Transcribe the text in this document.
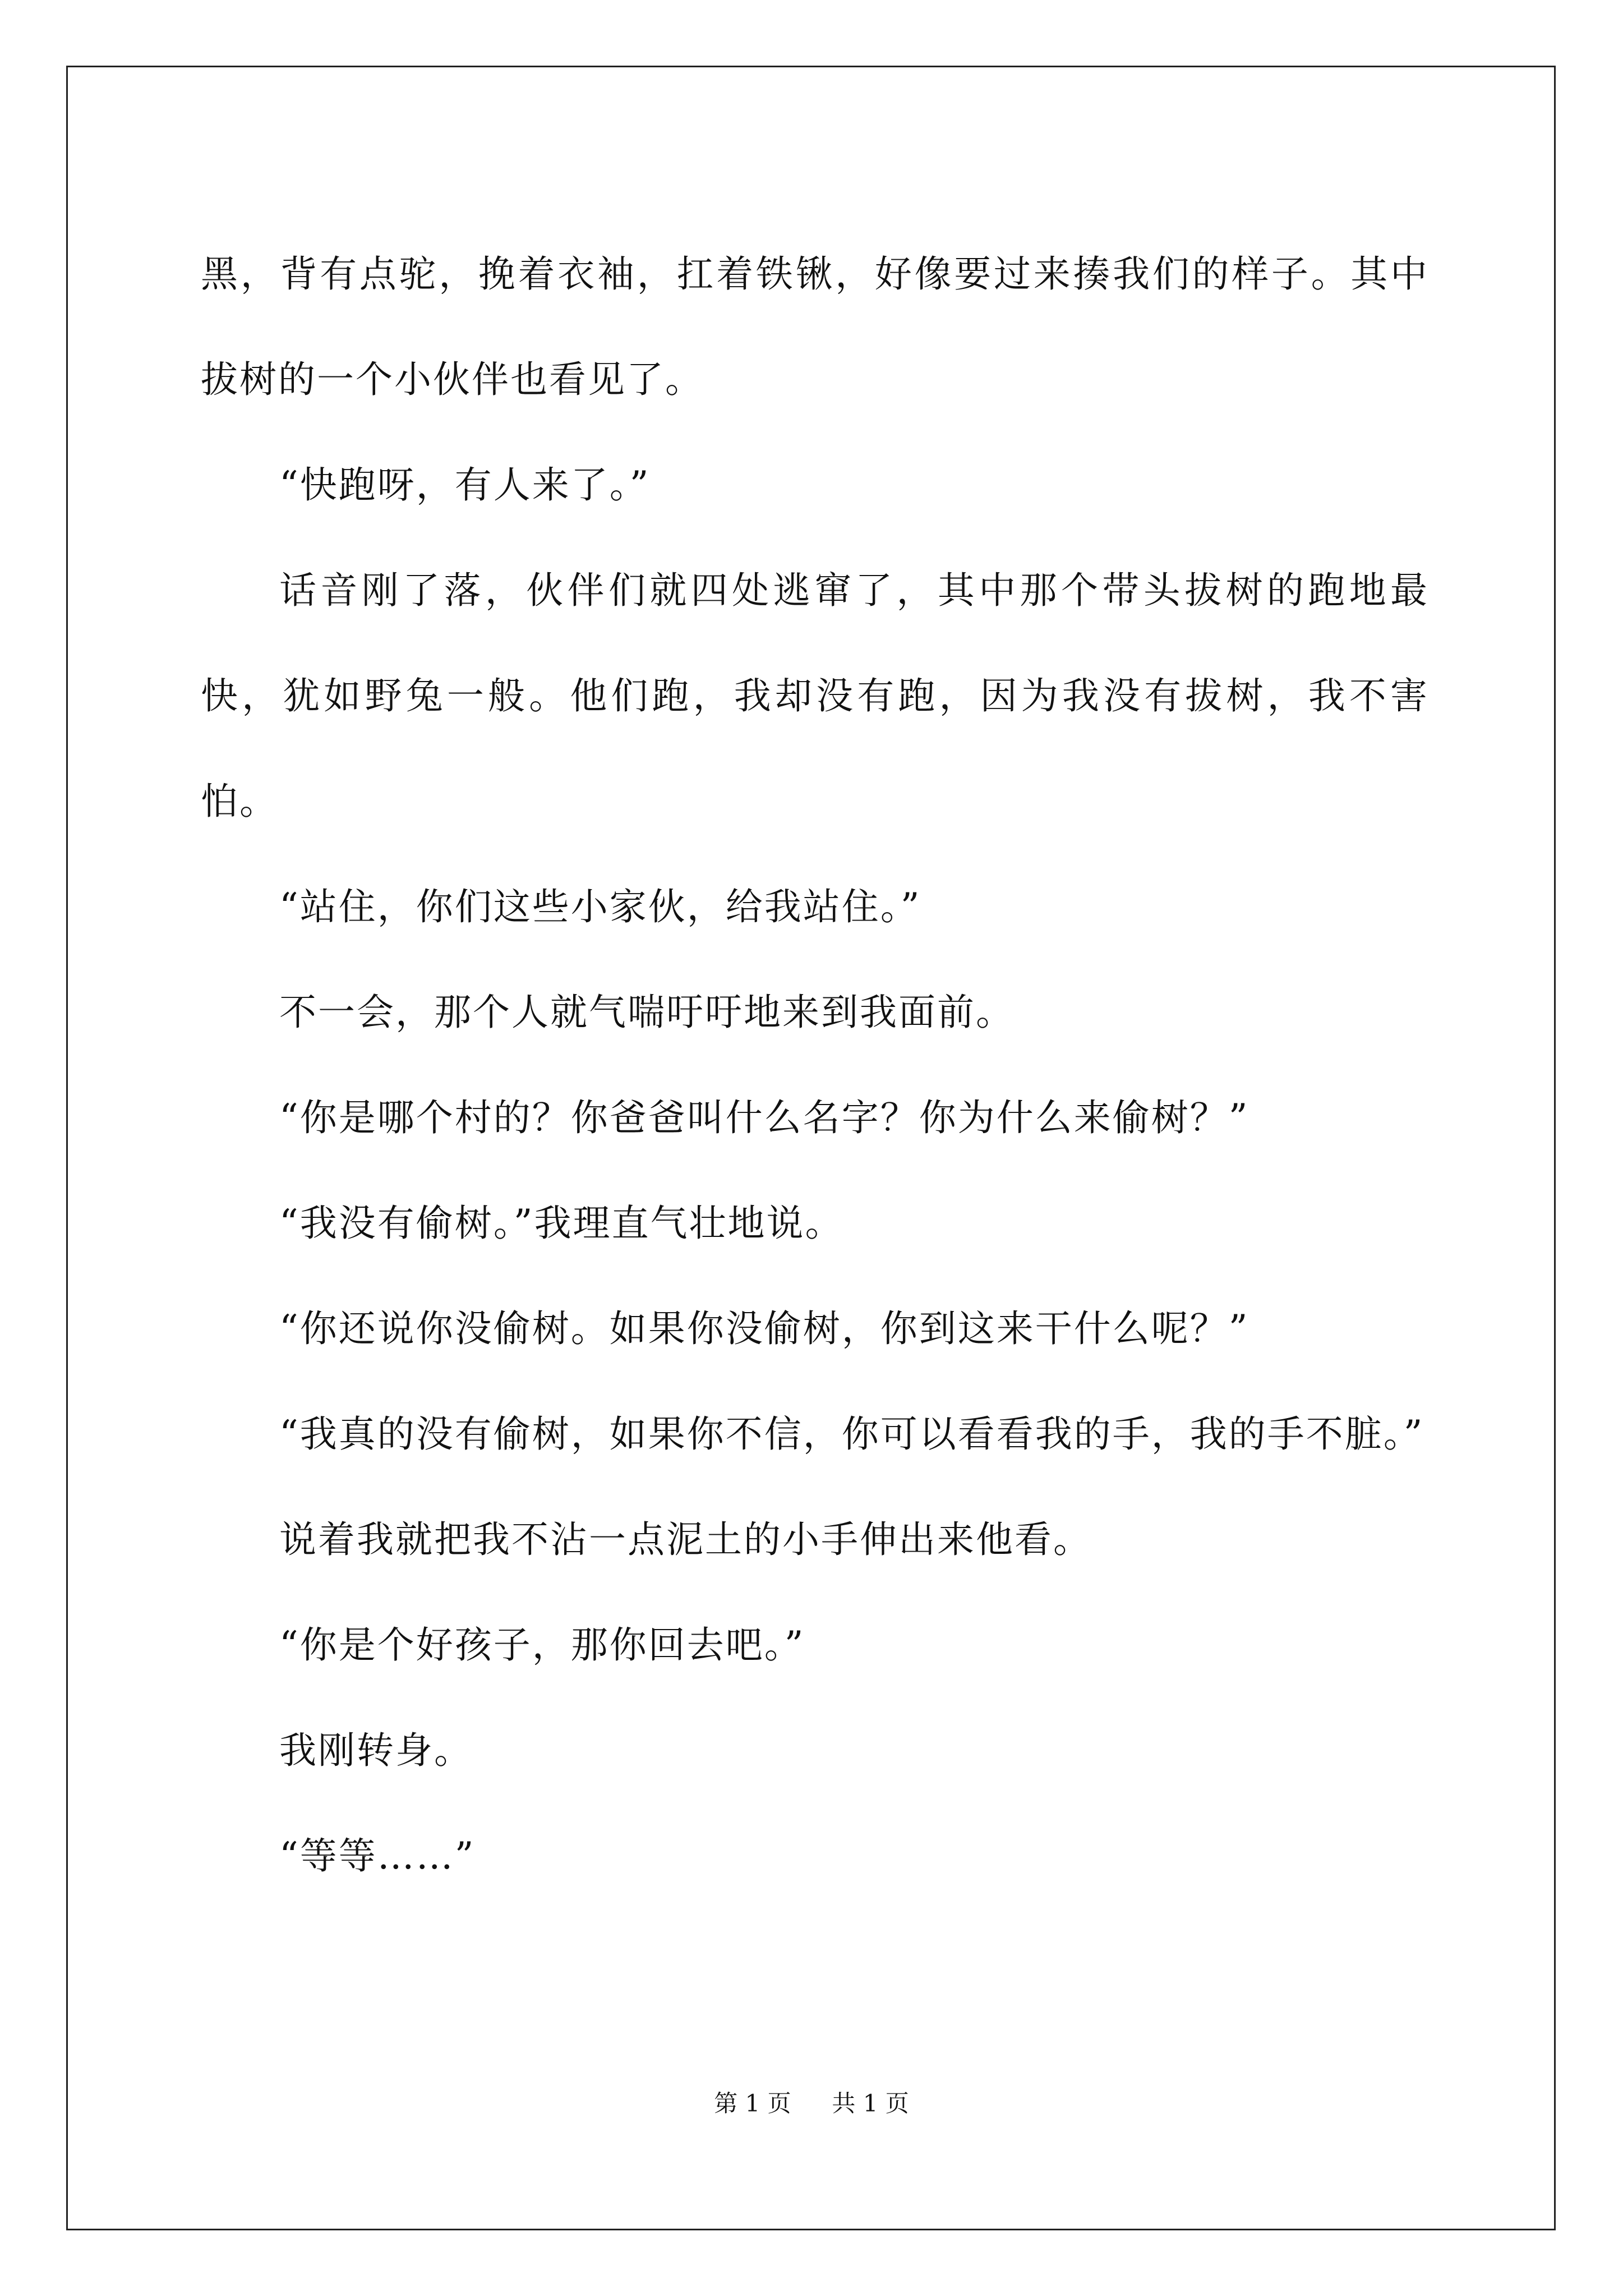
黑，背有点驼，挽着衣袖，扛着铁锹，好像要过来揍我们的样子。其中拔树的一个小伙伴也看见了。

“快跑呀，有人来了。”

话音刚了落，伙伴们就四处逃窜了，其中那个带头拔树的跑地最快，犹如野兔一般。他们跑，我却没有跑，因为我没有拔树，我不害怕。

“站住，你们这些小家伙，给我站住。”

不一会，那个人就气喘吁吁地来到我面前。

“你是哪个村的？你爸爸叫什么名字？你为什么来偷树？”

“我没有偷树。”我理直气壮地说。

“你还说你没偷树。如果你没偷树，你到这来干什么呢？”

“我真的没有偷树，如果你不信，你可以看看我的手，我的手不脏。”

说着我就把我不沾一点泥土的小手伸出来他看。

“你是个好孩子，那你回去吧。”

我刚转身。

“等等……”

第 1 页 共 1 页
